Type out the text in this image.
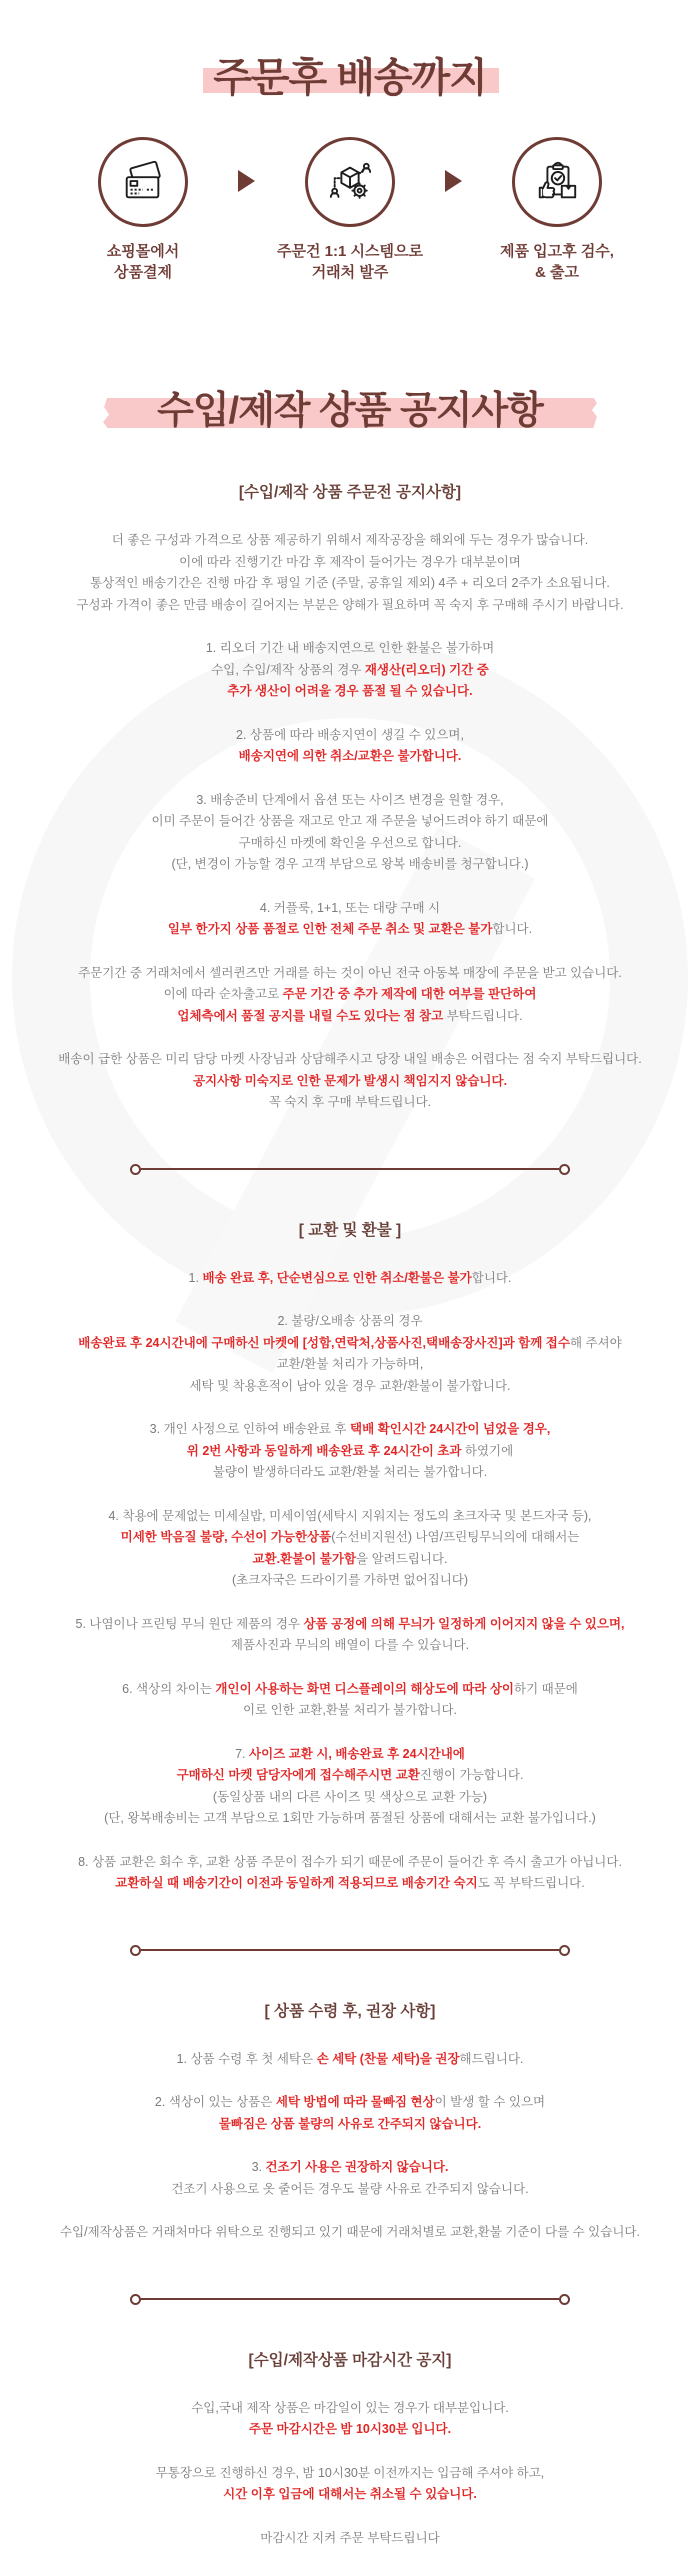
주문후 배송까지
쇼핑몰에서
상품결제
주문건 1:1 시스템으로
거래처 발주
제품 입고후 검수,
& 출고
수입/제작 상품 공지사항
[수입/제작 상품 주문전 공지사항]

더 좋은 구성과 가격으로 상품 제공하기 위해서 제작공장을 해외에 두는 경우가 많습니다.
이에 따라 진행기간 마감 후 제작이 들어가는 경우가 대부분이며
통상적인 배송기간은 진행 마감 후 평일 기준 (주말, 공휴일 제외) 4주 + 리오더 2주가 소요됩니다.
구성과 가격이 좋은 만큼 배송이 길어지는 부분은 양해가 필요하며 꼭 숙지 후 구매해 주시기 바랍니다.

1. 리오더 기간 내 배송지연으로 인한 환불은 불가하며
수입, 수입/제작 상품의 경우 재생산(리오더) 기간 중
추가 생산이 어려울 경우 품절 될 수 있습니다.

2. 상품에 따라 배송지연이 생길 수 있으며,
배송지연에 의한 취소/교환은 불가합니다.

3. 배송준비 단계에서 옵션 또는 사이즈 변경을 원할 경우,
이미 주문이 들어간 상품을 재고로 안고 재 주문을 넣어드려야 하기 때문에
구매하신 마켓에 확인을 우선으로 합니다.
(단, 변경이 가능할 경우 고객 부담으로 왕복 배송비를 청구합니다.)

4. 커플룩, 1+1, 또는 대량 구매 시
일부 한가지 상품 품절로 인한 전체 주문 취소 및 교환은 불가합니다.

주문기간 중 거래처에서 셀러퀸즈만 거래를 하는 것이 아닌 전국 아동복 매장에 주문을 받고 있습니다.
이에 따라 순차출고로 주문 기간 중 추가 제작에 대한 여부를 판단하여
업체측에서 품절 공지를 내릴 수도 있다는 점 참고 부탁드립니다.

배송이 급한 상품은 미리 담당 마켓 사장님과 상담해주시고 당장 내일 배송은 어렵다는 점 숙지 부탁드립니다.
공지사항 미숙지로 인한 문제가 발생시 책임지지 않습니다.
꼭 숙지 후 구매 부탁드립니다.

[ 교환 및 환불 ]

1. 배송 완료 후, 단순변심으로 인한 취소/환불은 불가합니다.

2. 불량/오배송 상품의 경우
배송완료 후 24시간내에 구매하신 마켓에 [성함,연락처,상품사진,택배송장사진]과 함께 접수해 주셔야
교환/환불 처리가 가능하며,
세탁 및 착용흔적이 남아 있을 경우 교환/환불이 불가합니다.

3. 개인 사정으로 인하여 배송완료 후 택배 확인시간 24시간이 넘었을 경우,
위 2번 사항과 동일하게 배송완료 후 24시간이 초과 하였기에
불량이 발생하더라도 교환/환불 처리는 불가합니다.

4. 착용에 문제없는 미세실밥, 미세이염(세탁시 지워지는 정도의 초크자국 및 본드자국 등),
미세한 박음질 불량, 수선이 가능한상품(수선비지원선) 나염/프린팅무늬의에 대해서는
교환.환불이 불가함을 알려드립니다.
(초크자국은 드라이기를 가하면 없어집니다)

5. 나염이나 프린팅 무늬 원단 제품의 경우 상품 공정에 의해 무늬가 일정하게 이어지지 않을 수 있으며,
제품사진과 무늬의 배열이 다를 수 있습니다.

6. 색상의 차이는 개인이 사용하는 화면 디스플레이의 해상도에 따라 상이하기 때문에
이로 인한 교환,환불 처리가 불가합니다.

7. 사이즈 교환 시, 배송완료 후 24시간내에
구매하신 마켓 담당자에게 접수해주시면 교환진행이 가능합니다.
(동일상품 내의 다른 사이즈 및 색상으로 교환 가능)
(단, 왕복배송비는 고객 부담으로 1회만 가능하며 품절된 상품에 대해서는 교환 불가입니다.)

8. 상품 교환은 회수 후, 교환 상품 주문이 접수가 되기 때문에 주문이 들어간 후 즉시 출고가 아닙니다.
교환하실 때 배송기간이 이전과 동일하게 적용되므로 배송기간 숙지도 꼭 부탁드립니다.

[ 상품 수령 후, 권장 사항]

1. 상품 수령 후 첫 세탁은 손 세탁 (찬물 세탁)을 권장해드립니다.

2. 색상이 있는 상품은 세탁 방법에 따라 물빠짐 현상이 발생 할 수 있으며
물빠짐은 상품 불량의 사유로 간주되지 않습니다.

3. 건조기 사용은 권장하지 않습니다.
건조기 사용으로 옷 줄어든 경우도 불량 사유로 간주되지 않습니다.

수입/제작상품은 거래처마다 위탁으로 진행되고 있기 때문에 거래처별로 교환,환불 기준이 다를 수 있습니다.

[수입/제작상품 마감시간 공지]

수입,국내 제작 상품은 마감일이 있는 경우가 대부분입니다.
주문 마감시간은 밤 10시30분 입니다.

무통장으로 진행하신 경우, 밤 10시30분 이전까지는 입금해 주셔야 하고,
시간 이후 입금에 대해서는 취소될 수 있습니다.

마감시간 지켜 주문 부탁드립니다
